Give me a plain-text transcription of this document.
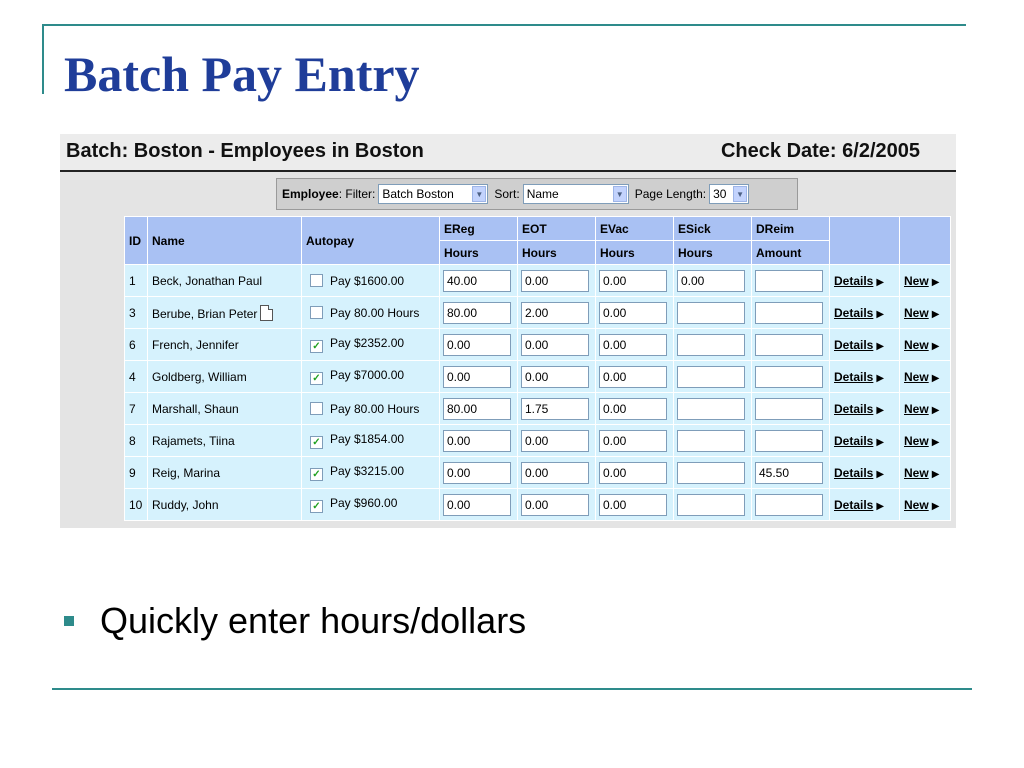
Batch Pay Entry
Batch: Boston - Employees in Boston	Check Date: 6/2/2005
Employee: Filter: Batch Boston	▼ Sort: Name	▼ Page Length: 30	▼
ID	Name	Autopay	EReg	EOT	EVac	ESick	DReim		
			Hours	Hours	Hours	Hours	Amount		
1	Beck, Jonathan Paul	Pay $1600.00	40.00	0.00	0.00	0.00		Details ▶	New ▶
3	Berube, Brian Peter	Pay 80.00 Hours	80.00	2.00	0.00			Details ▶	New ▶
6	French, Jennifer	✓ Pay $2352.00	0.00	0.00	0.00			Details ▶	New ▶
4	Goldberg, William	✓ Pay $7000.00	0.00	0.00	0.00			Details ▶	New ▶
7	Marshall, Shaun	Pay 80.00 Hours	80.00	1.75	0.00			Details ▶	New ▶
8	Rajamets, Tiina	✓ Pay $1854.00	0.00	0.00	0.00			Details ▶	New ▶
9	Reig, Marina	✓ Pay $3215.00	0.00	0.00	0.00		45.50	Details ▶	New ▶
10	Ruddy, John	✓ Pay $960.00	0.00	0.00	0.00			Details ▶	New ▶
Quickly enter hours/dollars
